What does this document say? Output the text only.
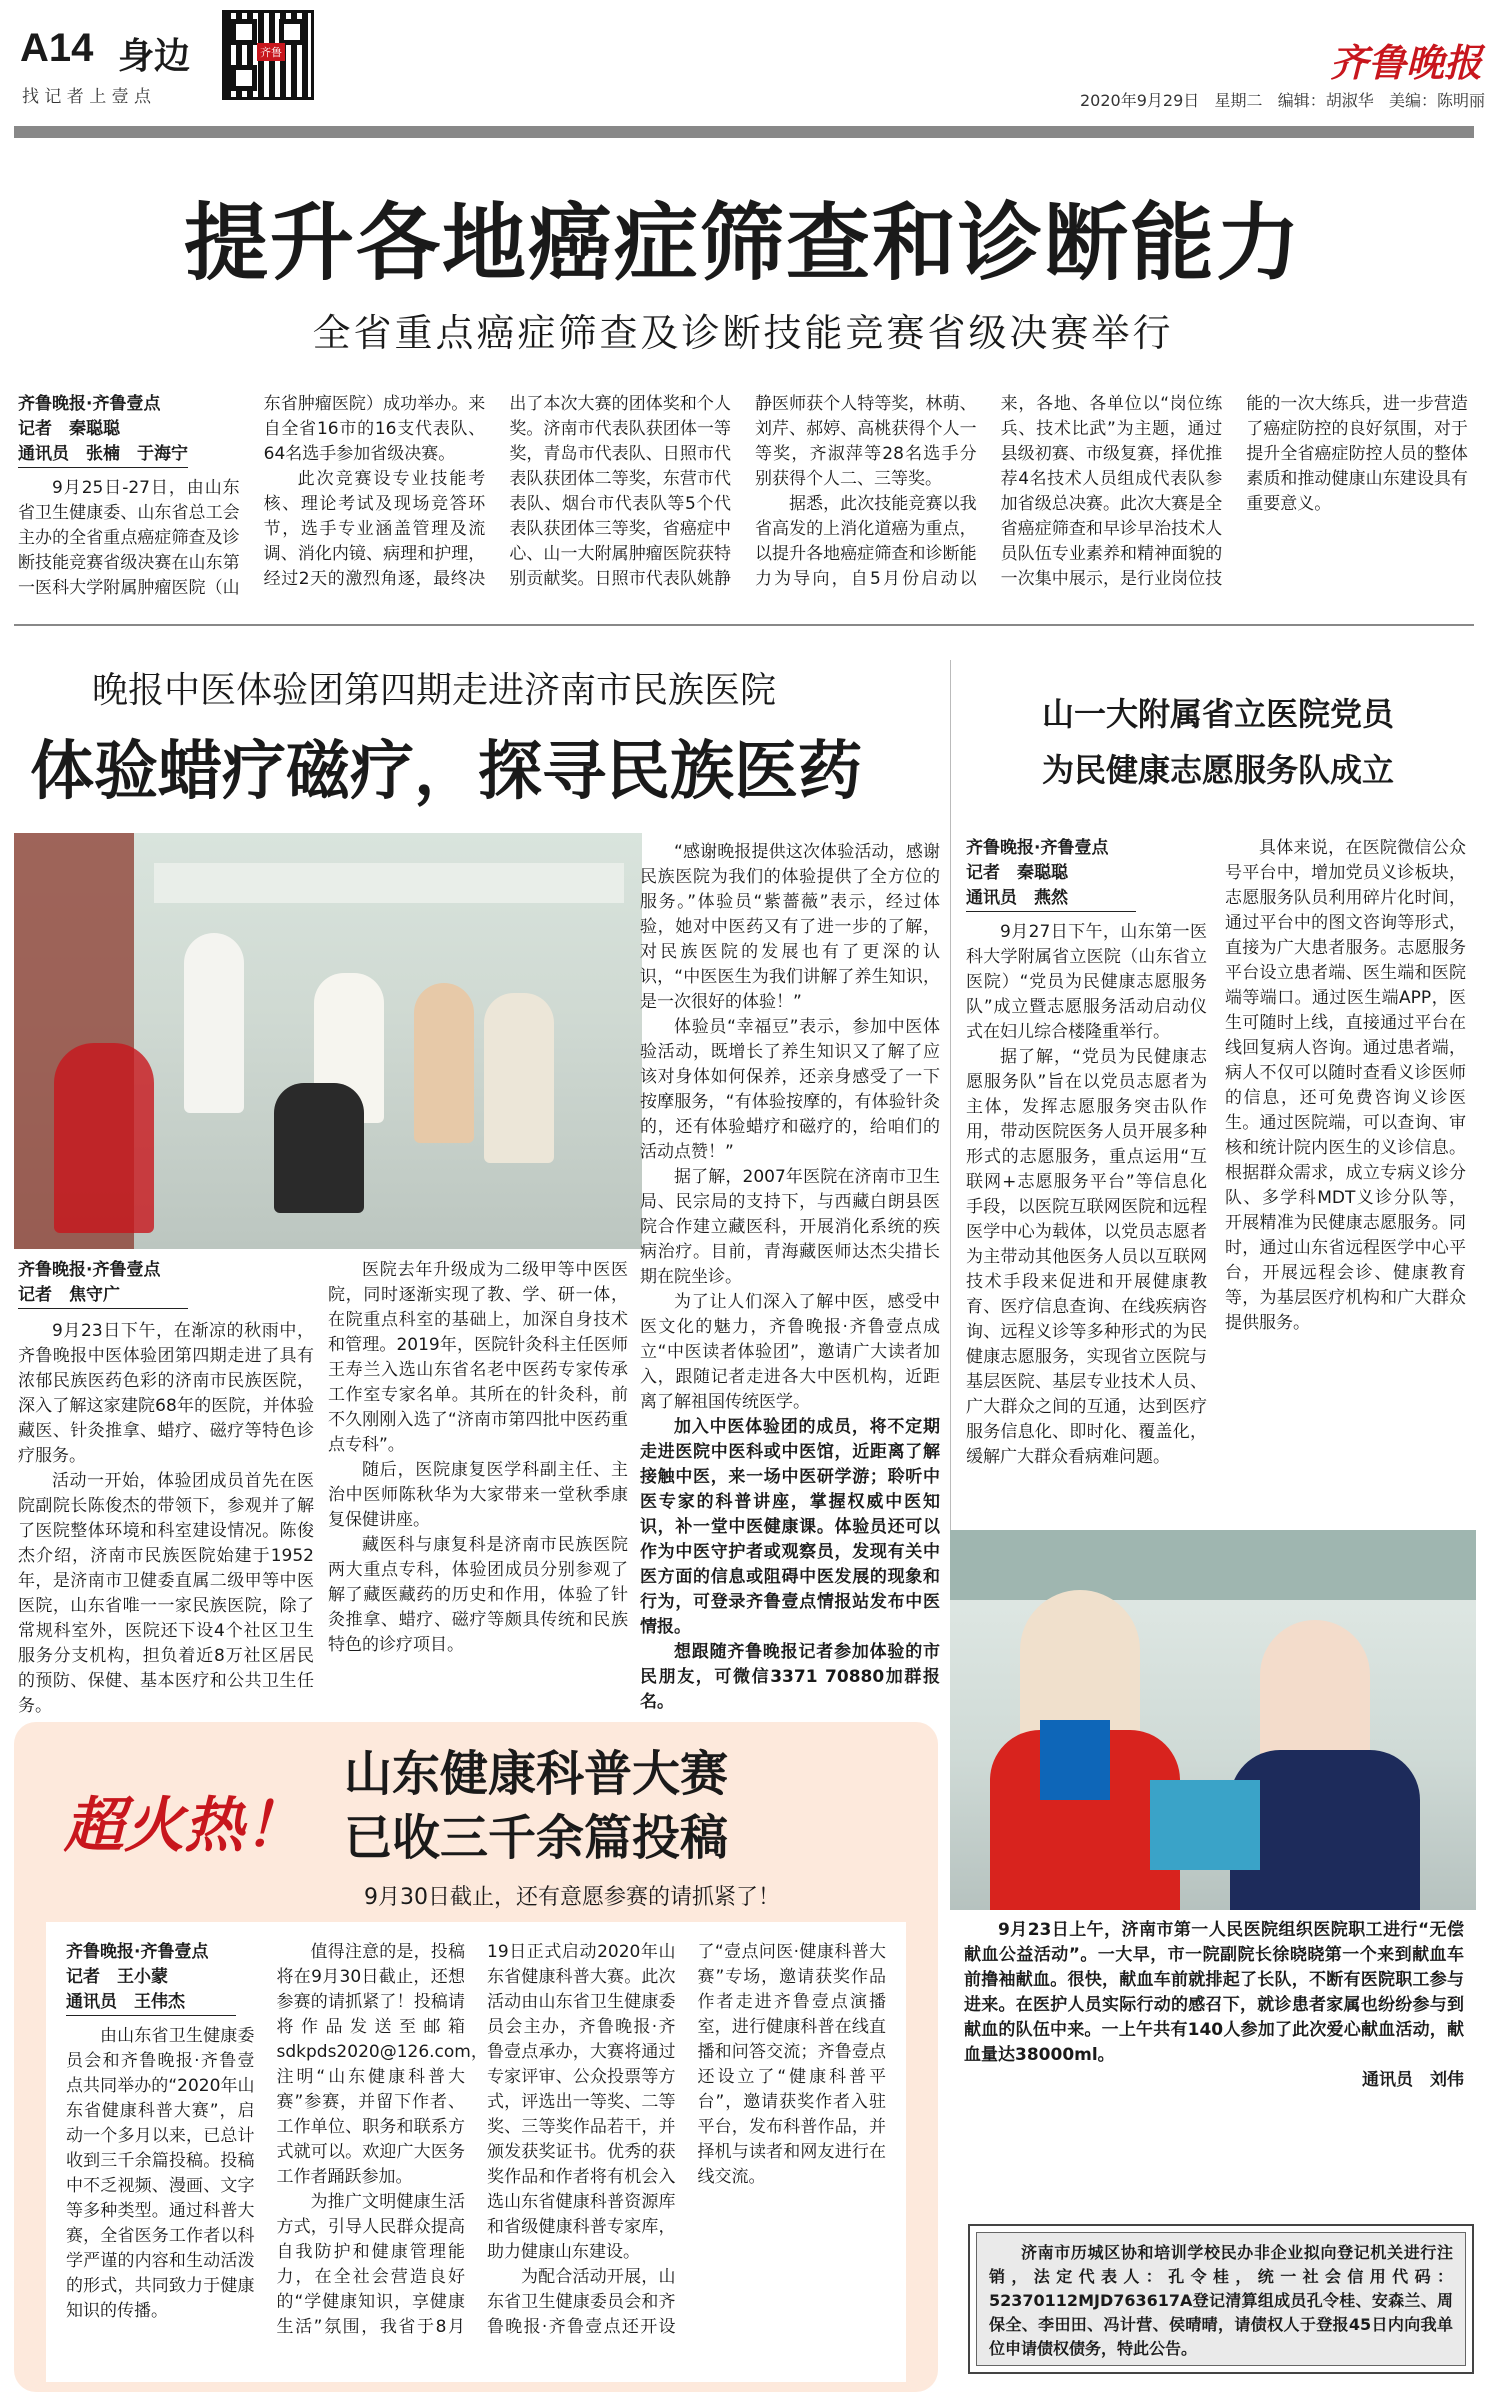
A14 身边
找 记 者 上 壹 点
齐鲁	齐鲁晚报
2020年9月29日   星期二   编辑：胡淑华   美编：陈明丽
提升各地癌症筛查和诊断能力
全省重点癌症筛查及诊断技能竞赛省级决赛举行
齐鲁晚报·齐鲁壹点
记者　秦聪聪
通讯员　张楠　于海宁

9月25日-27日，由山东省卫生健康委、山东省总工会主办的全省重点癌症筛查及诊断技能竞赛省级决赛在山东第一医科大学附属肿瘤医院（山东省肿瘤医院）成功举办。来自全省16市的16支代表队、64名选手参加省级决赛。

此次竞赛设专业技能考核、理论考试及现场竞答环节，选手专业涵盖管理及流调、消化内镜、病理和护理，经过2天的激烈角逐，最终决出了本次大赛的团体奖和个人奖。济南市代表队获团体一等奖，青岛市代表队、日照市代表队获团体二等奖，东营市代表队、烟台市代表队等5个代表队获团体三等奖，省癌症中心、山一大附属肿瘤医院获特别贡献奖。日照市代表队姚静静医师获个人特等奖，林萌、刘芹、郝婷、高桃获得个人一等奖，齐淑萍等28名选手分别获得个人二、三等奖。

据悉，此次技能竞赛以我省高发的上消化道癌为重点，以提升各地癌症筛查和诊断能力为导向，自5月份启动以来，各地、各单位以“岗位练兵、技术比武”为主题，通过县级初赛、市级复赛，择优推荐4名技术人员组成代表队参加省级总决赛。此次大赛是全省癌症筛查和早诊早治技术人员队伍专业素养和精神面貌的一次集中展示，是行业岗位技能的一次大练兵，进一步营造了癌症防控的良好氛围，对于提升全省癌症防控人员的整体素质和推动健康山东建设具有重要意义。

晚报中医体验团第四期走进济南市民族医院
体验蜡疗磁疗，探寻民族医药
齐鲁晚报·齐鲁壹点
记者　焦守广

9月23日下午，在渐凉的秋雨中，齐鲁晚报中医体验团第四期走进了具有浓郁民族医药色彩的济南市民族医院，深入了解这家建院68年的医院，并体验藏医、针灸推拿、蜡疗、磁疗等特色诊疗服务。

活动一开始，体验团成员首先在医院副院长陈俊杰的带领下，参观并了解了医院整体环境和科室建设情况。陈俊杰介绍，济南市民族医院始建于1952年，是济南市卫健委直属二级甲等中医医院，山东省唯一一家民族医院，除了常规科室外，医院还下设4个社区卫生服务分支机构，担负着近8万社区居民的预防、保健、基本医疗和公共卫生任务。

医院去年升级成为二级甲等中医医院，同时逐渐实现了教、学、研一体，在院重点科室的基础上，加深自身技术和管理。2019年，医院针灸科主任医师王寿兰入选山东省名老中医药专家传承工作室专家名单。其所在的针灸科，前不久刚刚入选了“济南市第四批中医药重点专科”。

随后，医院康复医学科副主任、主治中医师陈秋华为大家带来一堂秋季康复保健讲座。

藏医科与康复科是济南市民族医院两大重点专科，体验团成员分别参观了解了藏医藏药的历史和作用，体验了针灸推拿、蜡疗、磁疗等颇具传统和民族特色的诊疗项目。

“感谢晚报提供这次体验活动，感谢民族医院为我们的体验提供了全方位的服务。”体验员“紫薔薇”表示，经过体验，她对中医药又有了进一步的了解，对民族医院的发展也有了更深的认识，“中医医生为我们讲解了养生知识，是一次很好的体验！”

体验员“幸福豆”表示，参加中医体验活动，既增长了养生知识又了解了应该对身体如何保养，还亲身感受了一下按摩服务，“有体验按摩的，有体验针灸的，还有体验蜡疗和磁疗的，给咱们的活动点赞！”

据了解，2007年医院在济南市卫生局、民宗局的支持下，与西藏白朗县医院合作建立藏医科，开展消化系统的疾病治疗。目前，青海藏医师达杰尖措长期在院坐诊。

为了让人们深入了解中医，感受中医文化的魅力，齐鲁晚报·齐鲁壹点成立“中医读者体验团”，邀请广大读者加入，跟随记者走进各大中医机构，近距离了解祖国传统医学。

加入中医体验团的成员，将不定期走进医院中医科或中医馆，近距离了解接触中医，来一场中医研学游；聆听中医专家的科普讲座，掌握权威中医知识，补一堂中医健康课。体验员还可以作为中医守护者或观察员，发现有关中医方面的信息或阻碍中医发展的现象和行为，可登录齐鲁壹点情报站发布中医情报。

想跟随齐鲁晚报记者参加体验的市民朋友，可微信3371 70880加群报名。

山一大附属省立医院党员
为民健康志愿服务队成立
齐鲁晚报·齐鲁壹点
记者　秦聪聪
通讯员　燕然

9月27日下午，山东第一医科大学附属省立医院（山东省立医院）“党员为民健康志愿服务队”成立暨志愿服务活动启动仪式在妇儿综合楼隆重举行。

据了解，“党员为民健康志愿服务队”旨在以党员志愿者为主体，发挥志愿服务突击队作用，带动医院医务人员开展多种形式的志愿服务，重点运用“互联网+志愿服务平台”等信息化手段，以医院互联网医院和远程医学中心为载体，以党员志愿者为主带动其他医务人员以互联网技术手段来促进和开展健康教育、医疗信息查询、在线疾病咨询、远程义诊等多种形式的为民健康志愿服务，实现省立医院与基层医院、基层专业技术人员、广大群众之间的互通，达到医疗服务信息化、即时化、覆盖化，缓解广大群众看病难问题。

具体来说，在医院微信公众号平台中，增加党员义诊板块，志愿服务队员利用碎片化时间，通过平台中的图文咨询等形式，直接为广大患者服务。志愿服务平台设立患者端、医生端和医院端等端口。通过医生端APP，医生可随时上线，直接通过平台在线回复病人咨询。通过患者端，病人不仅可以随时查看义诊医师的信息，还可免费咨询义诊医生。通过医院端，可以查询、审核和统计院内医生的义诊信息。根据群众需求，成立专病义诊分队、多学科MDT义诊分队等，开展精准为民健康志愿服务。同时，通过山东省远程医学中心平台，开展远程会诊、健康教育等，为基层医疗机构和广大群众提供服务。

9月23日上午，济南市第一人民医院组织医院职工进行“无偿献血公益活动”。一大早，市一院副院长徐晓晓第一个来到献血车前撸袖献血。很快，献血车前就排起了长队，不断有医院职工参与进来。在医护人员实际行动的感召下，就诊患者家属也纷纷参与到献血的队伍中来。一上午共有140人参加了此次爱心献血活动，献血量达38000ml。

通讯员　刘伟
超火热！
山东健康科普大赛
已收三千余篇投稿
9月30日截止，还有意愿参赛的请抓紧了！
齐鲁晚报·齐鲁壹点
记者　王小蒙
通讯员　王伟杰

由山东省卫生健康委员会和齐鲁晚报·齐鲁壹点共同举办的“2020年山东省健康科普大赛”，启动一个多月以来，已总计收到三千余篇投稿。投稿中不乏视频、漫画、文字等多种类型。通过科普大赛，全省医务工作者以科学严谨的内容和生动活泼的形式，共同致力于健康知识的传播。

值得注意的是，投稿将在9月30日截止，还想参赛的请抓紧了！投稿请将作品发送至邮箱sdkpds2020@126.com，注明“山东健康科普大赛”参赛，并留下作者、工作单位、职务和联系方式就可以。欢迎广大医务工作者踊跃参加。

为推广文明健康生活方式，引导人民群众提高自我防护和健康管理能力，在全社会营造良好的“学健康知识，享健康生活”氛围，我省于8月19日正式启动2020年山东省健康科普大赛。此次活动由山东省卫生健康委员会主办，齐鲁晚报·齐鲁壹点承办，大赛将通过专家评审、公众投票等方式，评选出一等奖、二等奖、三等奖作品若干，并颁发获奖证书。优秀的获奖作品和作者将有机会入选山东省健康科普资源库和省级健康科普专家库，助力健康山东建设。

为配合活动开展，山东省卫生健康委员会和齐鲁晚报·齐鲁壹点还开设了“壹点问医·健康科普大赛”专场，邀请获奖作品作者走进齐鲁壹点演播室，进行健康科普在线直播和问答交流；齐鲁壹点还设立了“健康科普平台”，邀请获奖作者入驻平台，发布科普作品，并择机与读者和网友进行在线交流。

济南市历城区协和培训学校民办非企业拟向登记机关进行注销，法定代表人：孔令桂，统一社会信用代码：52370112MJD763617A登记清算组成员孔令桂、安森兰、周保全、李田田、冯计营、侯晴晴，请债权人于登报45日内向我单位申请债权债务，特此公告。
